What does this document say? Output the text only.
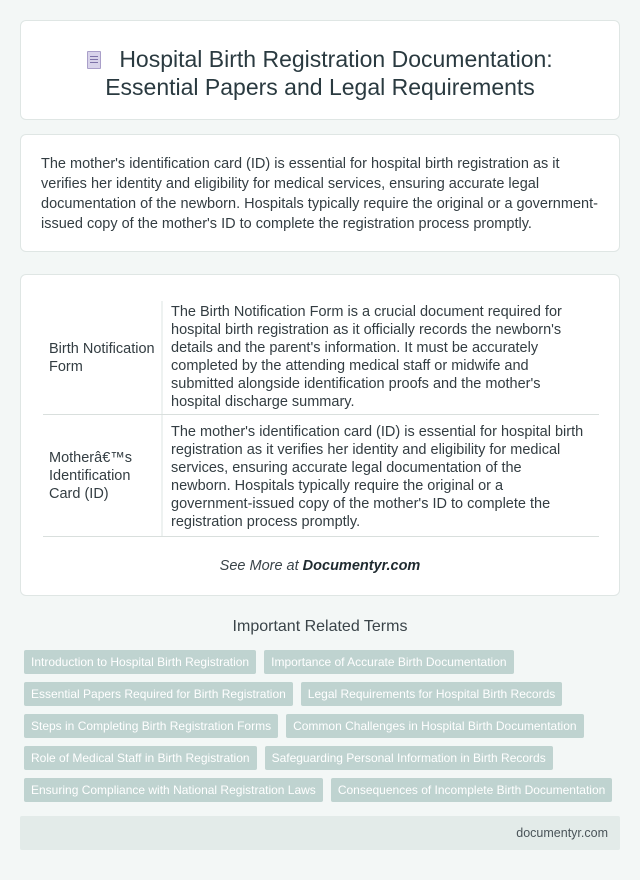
Hospital Birth Registration Documentation:
Essential Papers and Legal Requirements

The mother's identification card (ID) is essential for hospital birth registration as it verifies her identity and eligibility for medical services, ensuring accurate legal documentation of the newborn. Hospitals typically require the original or a government-issued copy of the mother's ID to complete the registration process promptly.

Birth Notification Form
The Birth Notification Form is a crucial document required for hospital birth registration as it officially records the newborn's details and the parent's information. It must be accurately completed by the attending medical staff or midwife and submitted alongside identification proofs and the mother's hospital discharge summary.
Motherâ€™s Identification Card (ID)
The mother's identification card (ID) is essential for hospital birth registration as it verifies her identity and eligibility for medical services, ensuring accurate legal documentation of the newborn. Hospitals typically require the original or a government-issued copy of the mother's ID to complete the registration process promptly.
See More at Documentyr.com
Important Related Terms
Introduction to Hospital Birth Registration	Importance of Accurate Birth Documentation
Essential Papers Required for Birth Registration	Legal Requirements for Hospital Birth Records
Steps in Completing Birth Registration Forms	Common Challenges in Hospital Birth Documentation
Role of Medical Staff in Birth Registration	Safeguarding Personal Information in Birth Records
Ensuring Compliance with National Registration Laws	Consequences of Incomplete Birth Documentation
documentyr.com
